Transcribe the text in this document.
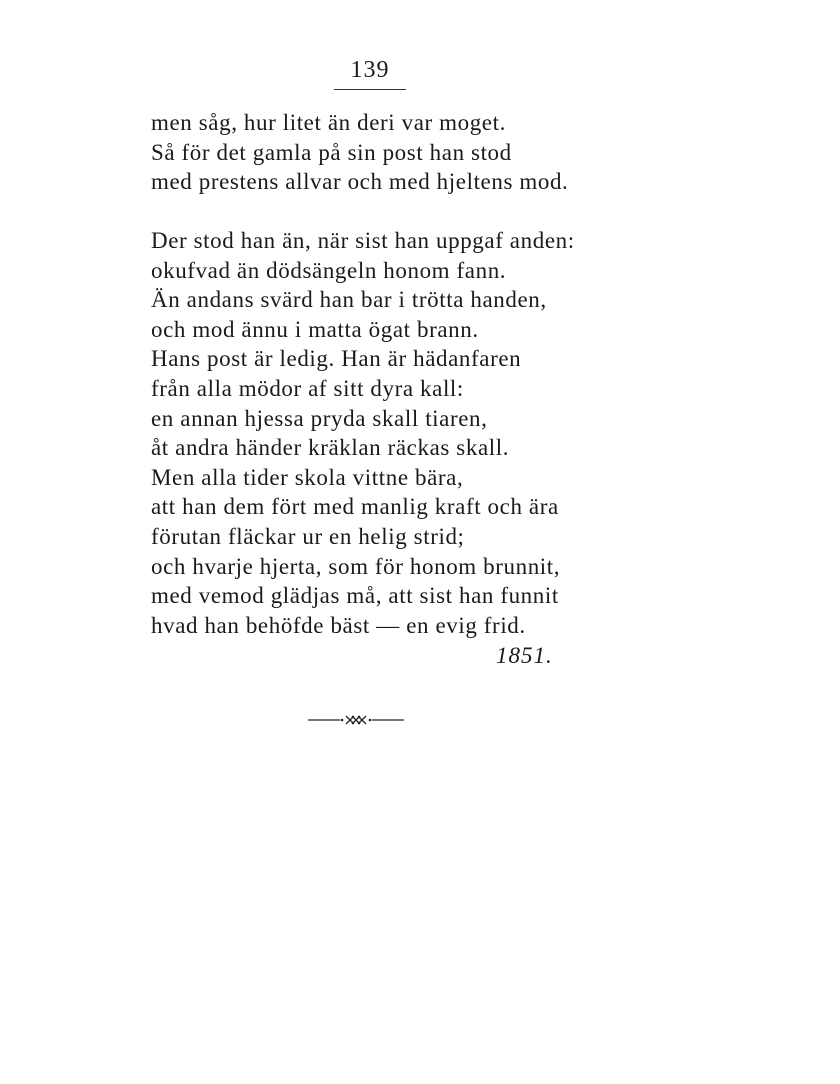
139
men såg, hur litet än deri var moget.
Så för det gamla på sin post han stod
med prestens allvar och med hjeltens mod.
Der stod han än, när sist han uppgaf anden:
okufvad än dödsängeln honom fann.
Än andans svärd han bar i trötta handen,
och mod ännu i matta ögat brann.
Hans post är ledig. Han är hädanfaren
från alla mödor af sitt dyra kall:
en annan hjessa pryda skall tiaren,
åt andra händer kräklan räckas skall.
Men alla tider skola vittne bära,
att han dem fört med manlig kraft och ära
förutan fläckar ur en helig strid;
och hvarje hjerta, som för honom brunnit,
med vemod glädjas må, att sist han funnit
hvad han behöfde bäst — en evig frid.
1851.
